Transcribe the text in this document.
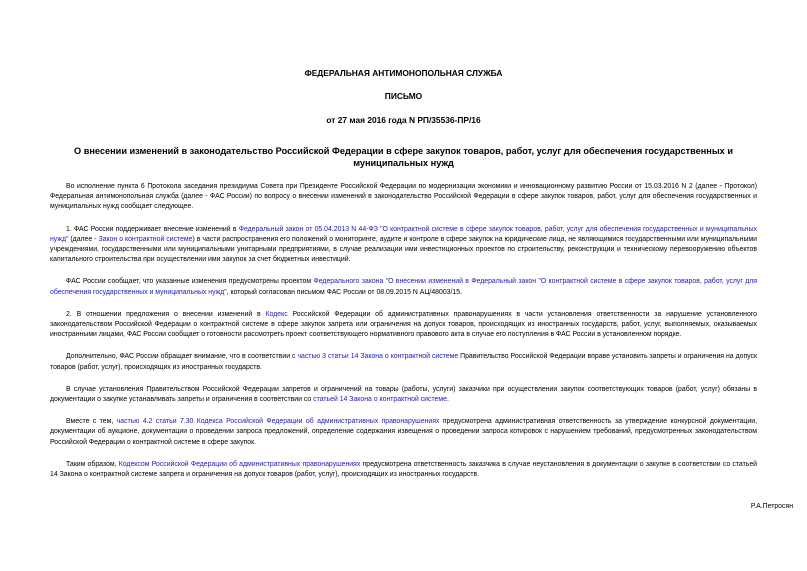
ФЕДЕРАЛЬНАЯ АНТИМОНОПОЛЬНАЯ СЛУЖБА
ПИСЬМО
от 27 мая 2016 года N РП/35536-ПР/16
О внесении изменений в законодательство Российской Федерации в сфере закупок товаров, работ, услуг для обеспечения государственных и муниципальных нужд

Во исполнение пункта 6 Протокола заседания президиума Совета при Президенте Российской Федерации по модернизации экономики и инновационному развитию России от 15.03.2016 N 2 (далее - Протокол) Федеральная антимонопольная служба (далее - ФАС России) по вопросу о внесении изменений в законодательство Российской Федерации в сфере закупок товаров, работ, услуг для обеспечения государственных и муниципальных нужд сообщает следующее.

1. ФАС России поддерживает внесение изменений в Федеральный закон от 05.04.2013 N 44-ФЗ "О контрактной системе в сфере закупок товаров, работ, услуг для обеспечения государственных и муниципальных нужд" (далее - Закон о контрактной системе) в части распространения его положений о мониторинге, аудите и контроле в сфере закупок на юридические лица, не являющимися государственными или муниципальными учреждениями, государственными или муниципальными унитарными предприятиями, в случае реализации ими инвестиционных проектов по строительству, реконструкции и техническому перевооружению объектов капитального строительства при осуществлении ими закупок за счет бюджетных инвестиций.

ФАС России сообщает, что указанные изменения предусмотрены проектом Федерального закона "О внесении изменений в Федеральный закон "О контрактной системе в сфере закупок товаров, работ, услуг для обеспечения государственных и муниципальных нужд", который согласован письмом ФАС России от 08.09.2015 N АЦ/48003/15.

2. В отношении предложения о внесении изменений в Кодекс Российской Федерации об административных правонарушениях в части установления ответственности за нарушение установленного законодательством Российской Федерации о контрактной системе в сфере закупок запрета или ограничения на допуск товаров, происходящих из иностранных государств, работ, услуг, выполняемых, оказываемых иностранными лицами, ФАС России сообщает о готовности рассмотреть проект соответствующего нормативного правового акта в случае его поступления в ФАС России в установленном порядке.

Дополнительно, ФАС России обращает внимание, что в соответствии с частью 3 статьи 14 Закона о контрактной системе Правительство Российской Федерации вправе установить запреты и ограничения на допуск товаров (работ, услуг), происходящих из иностранных государств.

В случае установления Правительством Российской Федерации запретов и ограничений на товары (работы, услуги) заказчики при осуществлении закупок соответствующих товаров (работ, услуг) обязаны в документации о закупке устанавливать запреты и ограничения в соответствии со статьей 14 Закона о контрактной системе.

Вместе с тем, частью 4.2 статьи 7.30 Кодекса Российской Федерации об административных правонарушениях предусмотрена административная ответственность за утверждение конкурсной документации, документации об аукционе, документации о проведении запроса предложений, определение содержания извещения о проведении запроса котировок с нарушением требований, предусмотренных законодательством Российской Федерации о контрактной системе в сфере закупок.

Таким образом, Кодексом Российской Федерации об административных правонарушениях предусмотрена ответственность заказчика в случае неустановления в документации о закупке в соответствии со статьей 14 Закона о контрактной системе запрета и ограничения на допуск товаров (работ, услуг), происходящих из иностранных государств.

Р.А.Петросян
